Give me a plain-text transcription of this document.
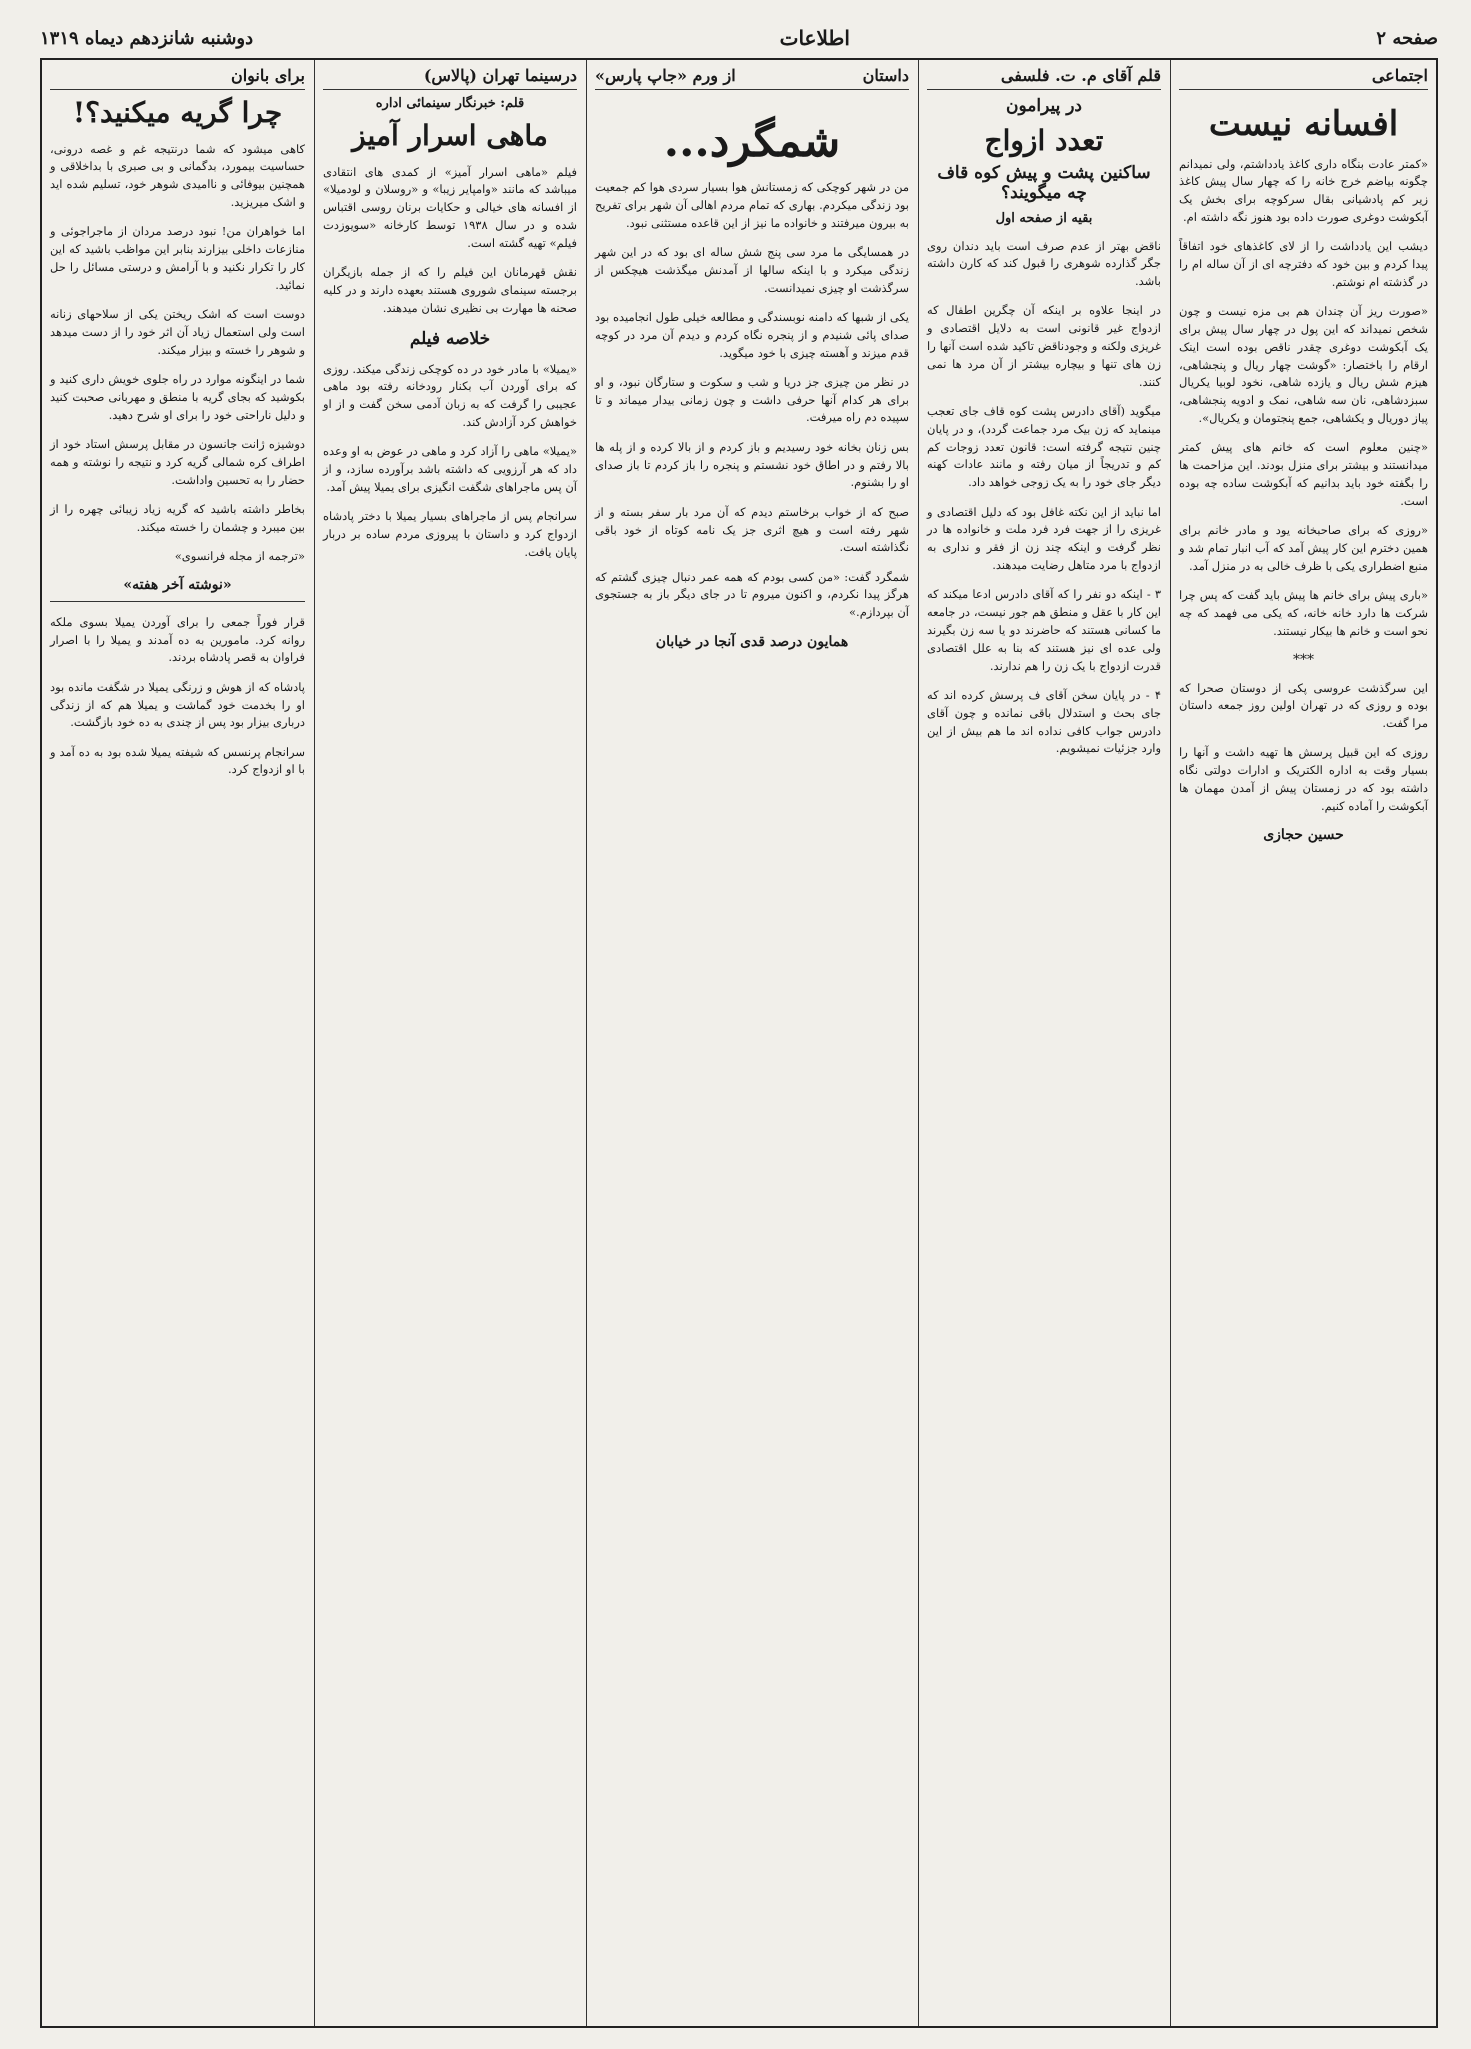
صفحه ۲
اطلاعات
دوشنبه شانزدهم دیماه ۱۳۱۹
اجتماعی
افسانه نیست

«کمتر عادت بنگاه داری کاغذ یادداشتم، ولی نمیدانم چگونه بیاضم خرج خانه را که چهار سال پیش کاغذ زیر کم پادشیانی بقال سرکوچه برای بخش یک آبکوشت دوغری صورت داده بود هنوز نگه داشته ام.

دیشب این یادداشت را از لای کاغذهای خود اتفاقاً پیدا کردم و بین خود که دفترچه ای از آن ساله ام را در گذشته ام نوشتم.

«صورت ریز آن چندان هم بی مزه نیست و چون شخص نمیداند که این پول در چهار سال پیش برای یک آبکوشت دوغری چقدر ناقص بوده است اینک ارقام را باختصار: «گوشت چهار ریال و پنجشاهی، هیزم شش ریال و یازده شاهی، نخود لوبیا یکریال سبزدشاهی، نان سه شاهی، نمک و ادویه پنجشاهی، پیاز دوریال و یکشاهی، جمع پنجتومان و یکریال».

«چنین معلوم است که خانم های پیش کمتر میدانستند و بیشتر برای منزل بودند. این مزاحمت ها را بگفته خود باید بدانیم که آبکوشت ساده چه بوده است.

«روزی که برای صاحبخانه یود و مادر خانم برای همین دخترم این کار پیش آمد که آب انبار تمام شد و منبع اضطراری یکی با ظرف خالی به در منزل آمد.

«باری پیش برای خانم ها پیش باید گفت که پس چرا شرکت ها دارد خانه خانه، که یکی می فهمد که چه نحو است و خانم ها بیکار نیستند.

***

این سرگذشت عروسی پکی از دوستان صحرا که بوده و روزی که در تهران اولین روز جمعه داستان مرا گفت.

روزی که این قبیل پرسش ها تهیه داشت و آنها را بسیار وقت به اداره الکتریک و ادارات دولتی نگاه داشته بود که در زمستان پیش از آمدن مهمان ها آبکوشت را آماده کنیم.

حسین حجازی
قلم آقای م. ت. فلسفی
در پیرامون
تعدد ازواج
ساکنین پشت و پیش کوه قاف چه میگویند؟
بقیه از صفحه اول

ناقض بهتر از عدم صرف است باید دندان روی جگر گذارده شوهری را قبول کند که کارن داشته باشد.

در اینجا علاوه بر اینکه آن چگرین اطفال که ازدواج غیر قانونی است به دلایل اقتصادی و غریزی ولکنه و وجودناقض تاکید شده است آنها را زن های تنها و بیچاره بیشتر از آن مرد ها نمی کنند.

میگوید (آقای دادرس پشت کوه قاف جای تعجب مینماید که زن بیک مرد جماعت گردد)، و در پایان چنین نتیجه گرفته است: قانون تعدد زوجات کم کم و تدریجاً از میان رفته و مانند عادات کهنه دیگر جای خود را به یک زوجی خواهد داد.

اما نباید از این نکته غافل بود که دلیل اقتصادی و غریزی را از جهت فرد فرد ملت و خانواده ها در نظر گرفت و اینکه چند زن از فقر و نداری به ازدواج با مرد متاهل رضایت میدهند.

۳ - اینکه دو نفر را که آقای دادرس ادعا میکند که این کار با عقل و منطق هم جور نیست، در جامعه ما کسانی هستند که حاضرند دو یا سه زن بگیرند ولی عده ای نیز هستند که بنا به علل اقتصادی قدرت ازدواج با یک زن را هم ندارند.

۴ - در پایان سخن آقای ف پرسش کرده اند که جای بحث و استدلال باقی نمانده و چون آقای دادرس جواب کافی نداده اند ما هم بیش از این وارد جزئیات نمیشویم.

داستان
از ورم «جاپ پارس»
شمگرد...

من در شهر کوچکی که زمستانش هوا بسیار سردی هوا کم جمعیت بود زندگی میکردم. بهاری که تمام مردم اهالی آن شهر برای تفریح به بیرون میرفتند و خانواده ما نیز از این قاعده مستثنی نبود.

در همسایگی ما مرد سی پنج شش ساله ای بود که در این شهر زندگی میکرد و با اینکه سالها از آمدنش میگذشت هیچکس از سرگذشت او چیزی نمیدانست.

یکی از شبها که دامنه نوبسندگی و مطالعه خیلی طول انجامیده بود صدای پائی شنیدم و از پنجره نگاه کردم و دیدم آن مرد در کوچه قدم میزند و آهسته چیزی با خود میگوید.

در نظر من چیزی جز دریا و شب و سکوت و ستارگان نبود، و او برای هر کدام آنها حرفی داشت و چون زمانی بیدار میماند و تا سپیده دم راه میرفت.

بس زنان بخانه خود رسیدیم و باز کردم و از بالا کرده و از پله ها بالا رفتم و در اطاق خود نشستم و پنجره را باز کردم تا باز صدای او را بشنوم.

صبح که از خواب برخاستم دیدم که آن مرد بار سفر بسته و از شهر رفته است و هیچ اثری جز یک نامه کوتاه از خود باقی نگذاشته است.

شمگرد گفت: «من کسی بودم که همه عمر دنبال چیزی گشتم که هرگز پیدا نکردم، و اکنون میروم تا در جای دیگر باز به جستجوی آن بپردازم.»

همایون درصد قدی آنجا در خیابان
درسینما تهران (پالاس)
قلم: خبرنگار سینمائی اداره
ماهی اسرار آمیز

فیلم «ماهی اسرار آمیز» از کمدی های انتقادی میباشد که مانند «وامپایر زیبا» و «روسلان و لودمیلا» از افسانه های خیالی و حکایات برنان روسی اقتباس شده و در سال ۱۹۳۸ توسط کارخانه «سویوزدت فیلم» تهیه گشته است.

نقش قهرمانان این فیلم را که از جمله بازیگران برجسته سینمای شوروی هستند بعهده دارند و در کلیه صحنه ها مهارت بی نظیری نشان میدهند.

خلاصه فیلم

«یمیلا» با مادر خود در ده کوچکی زندگی میکند. روزی که برای آوردن آب بکنار رودخانه رفته بود ماهی عجیبی را گرفت که به زبان آدمی سخن گفت و از او خواهش کرد آزادش کند.

«یمیلا» ماهی را آزاد کرد و ماهی در عوض به او وعده داد که هر آرزویی که داشته باشد برآورده سازد، و از آن پس ماجراهای شگفت انگیزی برای یمیلا پیش آمد.

سرانجام پس از ماجراهای بسیار یمیلا با دختر پادشاه ازدواج کرد و داستان با پیروزی مردم ساده بر دربار پایان یافت.

برای بانوان
چرا گریه میکنید؟!

کاهی میشود که شما درنتیجه غم و غصه درونی، حساسیت بیمورد، بدگمانی و بی صبری با بداخلاقی و همچنین بیوفائی و ناامیدی شوهر خود، تسلیم شده اید و اشک میریزید.

اما خواهران من! نبود درصد مردان از ماجراجوئی و منازعات داخلی بیزارند بنابر این مواظب باشید که این کار را تکرار نکنید و با آرامش و درستی مسائل را حل نمائید.

دوست است که اشک ریختن یکی از سلاحهای زنانه است ولی استعمال زیاد آن اثر خود را از دست میدهد و شوهر را خسته و بیزار میکند.

شما در اینگونه موارد در راه جلوی خویش داری کنید و بکوشید که بجای گریه با منطق و مهربانی صحبت کنید و دلیل ناراحتی خود را برای او شرح دهید.

دوشیزه ژانت جانسون در مقابل پرسش استاد خود از اطراف کره شمالی گریه کرد و نتیجه را نوشته و همه حضار را به تحسین واداشت.

بخاطر داشته باشید که گریه زیاد زیبائی چهره را از بین میبرد و چشمان را خسته میکند.

«ترجمه از مجله فرانسوی»

«نوشته آخر هفته»

قرار فوراً جمعی را برای آوردن یمیلا بسوی ملکه روانه کرد. مامورین به ده آمدند و یمیلا را با اصرار فراوان به قصر پادشاه بردند.

پادشاه که از هوش و زرنگی یمیلا در شگفت مانده بود او را بخدمت خود گماشت و یمیلا هم که از زندگی درباری بیزار بود پس از چندی به ده خود بازگشت.

سرانجام پرنسس که شیفته یمیلا شده بود به ده آمد و با او ازدواج کرد.
